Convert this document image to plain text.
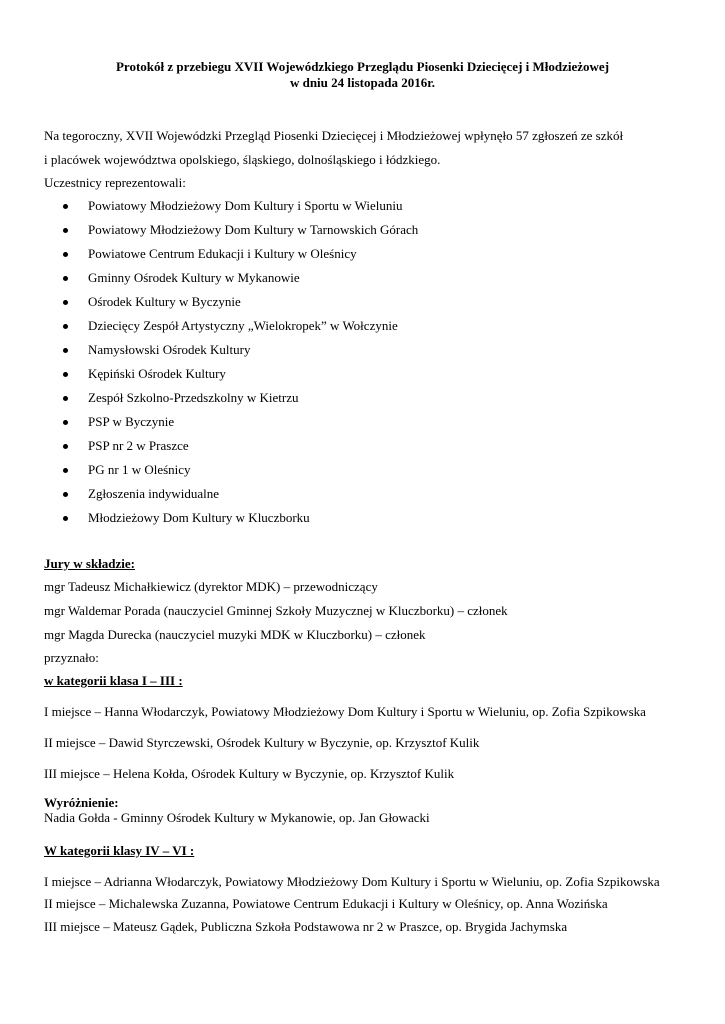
Protokół z przebiegu XVII Wojewódzkiego Przeglądu Piosenki Dziecięcej i Młodzieżowej
w dniu 24 listopada 2016r.
Na tegoroczny, XVII Wojewódzki Przegląd Piosenki Dziecięcej i Młodzieżowej wpłynęło 57 zgłoszeń ze szkół
i placówek województwa opolskiego, śląskiego, dolnośląskiego i łódzkiego.
Uczestnicy reprezentowali:
Powiatowy Młodzieżowy Dom Kultury i Sportu w Wieluniu
Powiatowy Młodzieżowy Dom Kultury w Tarnowskich Górach
Powiatowe Centrum Edukacji i Kultury w Oleśnicy
Gminny Ośrodek Kultury w Mykanowie
Ośrodek Kultury w Byczynie
Dziecięcy Zespół Artystyczny „Wielokropek” w Wołczynie
Namysłowski Ośrodek Kultury
Kępiński Ośrodek Kultury
Zespół Szkolno-Przedszkolny w Kietrzu
PSP w Byczynie
PSP nr 2 w Praszce
PG nr 1 w Oleśnicy
Zgłoszenia indywidualne
Młodzieżowy Dom Kultury w Kluczborku
Jury w składzie:
mgr Tadeusz Michałkiewicz (dyrektor MDK) – przewodniczący
mgr Waldemar Porada (nauczyciel Gminnej Szkoły Muzycznej w Kluczborku) – członek
mgr Magda Durecka (nauczyciel muzyki MDK w Kluczborku) – członek
przyznało:
w kategorii klasa I – III :
I miejsce – Hanna Włodarczyk, Powiatowy Młodzieżowy Dom Kultury i Sportu w Wieluniu, op. Zofia Szpikowska
II miejsce – Dawid Styrczewski, Ośrodek Kultury w Byczynie, op. Krzysztof Kulik
III miejsce – Helena Kołda, Ośrodek Kultury w Byczynie, op. Krzysztof Kulik
Wyróżnienie:
Nadia Gołda - Gminny Ośrodek Kultury w Mykanowie, op. Jan Głowacki
W kategorii klasy IV – VI :
I miejsce – Adrianna Włodarczyk, Powiatowy Młodzieżowy Dom Kultury i Sportu w Wieluniu, op. Zofia Szpikowska
II miejsce – Michalewska Zuzanna, Powiatowe Centrum Edukacji i Kultury w Oleśnicy, op. Anna Wozińska
III miejsce – Mateusz Gądek, Publiczna Szkoła Podstawowa nr 2 w Praszce, op. Brygida Jachymska
